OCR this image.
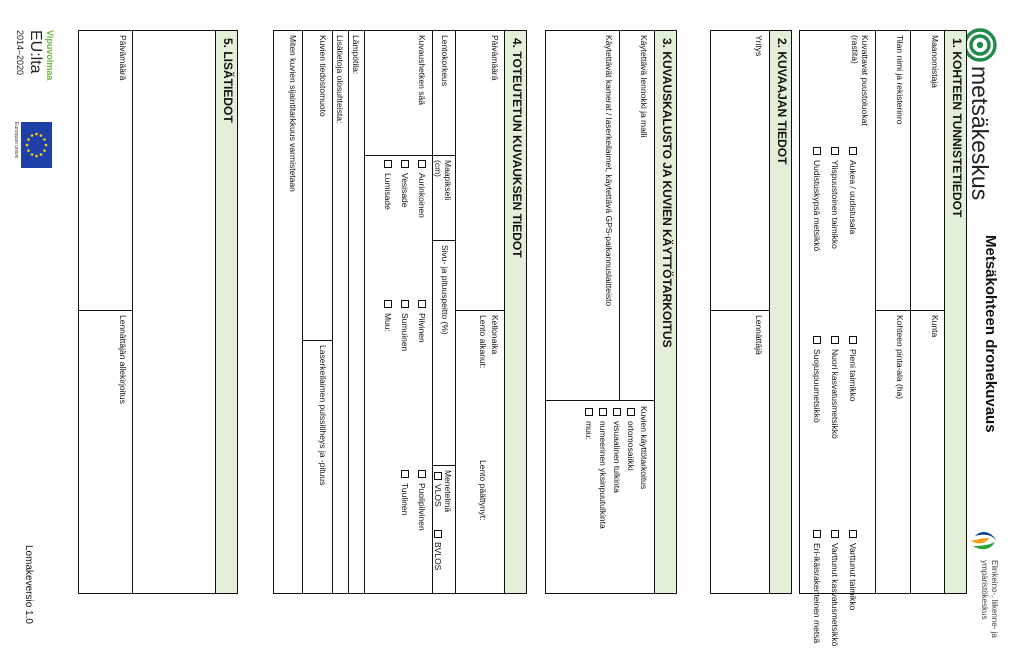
metsäkeskus
Metsäkohteen dronekuvaus
Elinkeino-, liikenne- ja ympäristökeskus
1. KOHTEEN TUNNISTETIEDOT
Maanomistaja
Kunta
Tilan nimi ja rekisterinro
Kohteen pinta-ala (ha)
Kuvattavat puustoluokat
(rastita)
Aukea / uudistusala
Pieni taimikko
Varttunut taimikko
Ylispuustoinen taimikko
Nuori kasvatusmetsikkö
Varttunut kasvatusmetsikkö
Uudistuskypsä metsikkö
Suojuspuumetsikkö
Eri-ikäisrakenteinen metsä
2. KUVAAJAN TIEDOT
Yritys
Lennättäjä
3. KUVAUSKALUSTO JA KUVIEN KÄYTTÖTARKOITUS
Käytettävä lennokki ja malli
Käytettävät kamerat / laserkeilaimet, käytettävä GPS-paikannuslaitteisto
Kuvien käyttötarkoitus
ortomosaiikki
visuaalinen tulkinta
numeerinen yksinpuutulkinta
muu:
4. TOTEUTETUN KUVAUKSEN TIEDOT
Päivämäärä
Kellonaika
Lento alkanut:
Lento päättynyt:
Lentokorkeus
Maapikseli
(cm)
Sivu- ja pituuspeitto (%)
Menetelmä
VLOS
BVLOS
Kuvaushetken sää
Aurinkoinen
Pilvinen
Puolipilvinen
Vesisade
Sumuinen
Tuulinen
Lumisade
Muu:
Lämpötila:
Lisätietoja olosuhteista:
Kuvien tiedostomuoto
Laserkeilaimen pulssitiheys ja -pituus
Miten kuvien sijaintitarkkuus varmistetaan
5. LISÄTIEDOT
Päivämäärä
Lennättäjän allekirjoitus
Vipuvoimaa
EU:lta
2014–2020
Euroopan unioni
Lomakeversio 1.0
